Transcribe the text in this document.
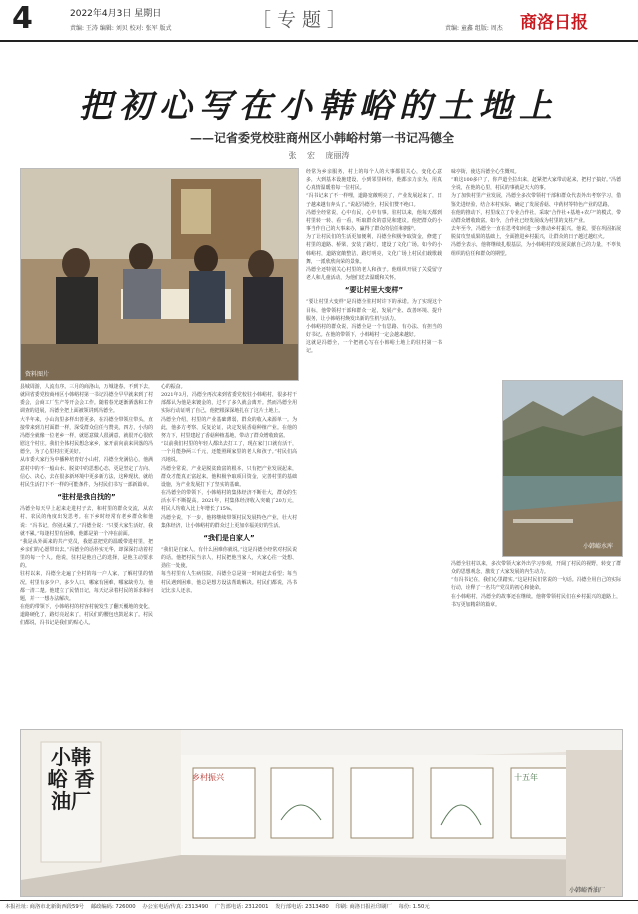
4	2022年4月3日 星期日
责编: 王涛 编辑: 刘贝 校对: 张军 版式	［专题］	责编: 童鑫 组版: 周杰 商洛日报
把初心写在小韩峪的土地上
——记省委党校驻商州区小韩峪村第一书记冯德全
张 宏 庞丽涛
资料图片

县城周游，人流有序。三月的商洛山，万城逢春。不到下去，就回省委党校商州区小韩峪村第一书记冯德全早早就来到了村委会，会商工厂生产等开会会工作。随着春光逐渐洒落和工作调查的进展，冯德全把上面被领讲到冯德全。

大半年来，小山沟里多样出善更多，在冯德全带领庄带头，直接带来到力村面群一样，深受群众信任与赞美。四方，小沟的冯德全就像一位老乡一样，就愿意做人很满意，就很开心很欣慰这个村庄。我们全体村民想念家乡，家开前向前来回落的冯德全，为了心里村庄更美好。

从市委大家行为中播种培育好小山村，冯德全充满信心，他满意村中的不一般山水、脱贫中的思想心态，更是坚定了方向、信心、决心，去在很多新环境中更多新方法，这种现状，就给村民生活打下不一样的可能条件，为村民们书写一部新篇章。

“驻村是我自找的”

冯德全每天早上起来走进村子去，和村里的群众交流，从农村、农民的角度出发思考。在下乡时经常有老乡群众和他说：“冯书记，你别太累了。”冯德全说：“只要大家生活好，我就不累。”每逢村里有困难，他都是第一个冲在前面。

“我是从外面来的共产党员，我愿意把党的温暖带进村里，把乡亲们的心愿带出去。”冯德全的话朴实无华，却深深打动着村里的每一个人。他说，驻村是他自己的选择，是他主动要求的。

驻村以来，冯德全走遍了全村的每一户人家，了解村里的情况。村里有多少户，多少人口，哪家有困难，哪家缺劳力，他都一清二楚。他建立了民情日记，每天记录着村民的诉求和问题，并一一想办法解决。

在他的带领下，小韩峪村的村容村貌发生了翻天覆地的变化，道路硬化了，路灯亮起来了，村民们的腰包也鼓起来了。村民们都说，冯书记是我们的贴心人。

心的振奋。

2021年3月，冯德全再次来到省委党校驻小韩峪村，很多村干部都认为他是来镀金的，过不了多久就会离开。然而冯德全用实际行动证明了自己，他把根深深地扎在了这片土地上。

冯德全介绍，村里的产业基础薄弱，群众的收入来源单一。为此，他多方考察、反复论证，决定发展香菇种植产业。在他的努力下，村里建起了香菇种植基地，带动了群众增收致富。

“以前我们村里的年轻人都出去打工了，现在家门口就有活干，一个月能挣两三千元，还能照顾家里的老人和孩子。”村民们高兴地说。

冯德全常说，产业是脱贫致富的根本，只有把产业发展起来，群众才能真正富起来。他积极争取项目资金，完善村里的基础设施，为产业发展打下了坚实的基础。

在冯德全的带领下，小韩峪村的集体经济不断壮大，群众的生活水平不断提高。2021年，村集体经济收入突破了20万元，村民人均收入比上年增长了15%。

冯德全说，下一步，他将继续带领村民发展特色产业，壮大村集体经济，让小韩峪村的群众过上更加幸福美好的生活。

“我们是自家人”

“我们是自家人，有什么困难你就说。”这是冯德全经常对村民说的话。他把村民当亲人，村民把他当家人，大家心往一处想、劲往一处使。

每当村里有人生病住院，冯德全总是第一时间赶去看望；每当村民遇到困难，他总是想方设法帮助解决。村民们都说，冯书记比亲人还亲。

经常为乡亲服务，村上的每个人的大事都很关心，变化心意多，大到基本设施建设，小到邻里纠纷，他都亲力亲为，用真心真情温暖着每一位村民。

“冯书记来了不一样哩，道路宽敞明亮了，产业发展起来了，日子越来越有奔头了。”说起冯德全，村民们赞不绝口。

冯德全经常说，心中有民，心中有事。驻村以来，他每天都到村里转一转、看一看，听取群众的意见和建议。他把群众的小事当作自己的大事来办，赢得了群众的信任和拥护。

为了让村民们的生活更加便利，冯德全积极争取资金，修建了村里的道路、桥梁，安装了路灯，建设了文化广场。如今的小韩峪村，道路宽敞整洁，路灯明亮，文化广场上村民们载歌载舞，一派欣欣向荣的景象。

冯德全还特别关心村里的老人和孩子。他组织开展了关爱留守老人和儿童活动，为他们送去温暖和关怀。

“要让村里大变样”

“要让村里大变样”是冯德全驻村时许下的承诺。为了实现这个目标，他带领村干部和群众一起，发展产业、改善环境、提升服务，让小韩峪村焕发出新的生机与活力。

小韩峪村的群众说，冯德全是一个有思路、有办法、有担当的好书记。在他的带领下，小韩峪村一定会越来越好。

这就是冯德全，一个把初心写在小韩峪土地上的驻村第一书记。

味亭街，使达冯德全心生慨叹。

“咱这100多户了，你声道全拉出来，赶紧把大家带动起来，把村子搞好。”冯德全说，在他的心里，村民的事就是天大的事。

为了加快村里产业发展，冯德全多次带领村干部和群众代表外出考察学习，借鉴先进经验，结合本村实际，确定了发展香菇、中药材等特色产业的思路。

在他的推动下，村里成立了专业合作社，采取“合作社+基地+农户”的模式，带动群众增收致富。如今，合作社已经发展成为村里的支柱产业。

去年至今，冯德全一直在思考如何进一步推动乡村振兴。他说，要在巩固拓展脱贫攻坚成果的基础上，全面推进乡村振兴，让群众的日子越过越红火。

冯德全表示，他将继续扎根基层，为小韩峪村的发展贡献自己的力量，不辜负组织的信任和群众的期望。

小韩峪水库

冯德全驻村以来，多次带领大家外出学习参观，开阔了村民的视野，转变了群众的思想观念，激发了大家发展的内生动力。

“有冯书记在，我们心里踏实。”这是村民们常说的一句话。冯德全用自己的实际行动，诠释了一名共产党员的初心和使命。

在小韩峪村，冯德全的故事还在继续。他将带领村民们在乡村振兴的道路上，书写更加精彩的篇章。

小韩峪 香油厂
乡村振兴	十五年
小韩峪香油厂
本报社址: 商洛市北新街西段59号 邮政编码: 726000 办公室电话/传真: 2313490 广告部电话: 2312001 发行部电话: 2313480 印刷: 商洛日报社印刷厂 每份: 1.50元
